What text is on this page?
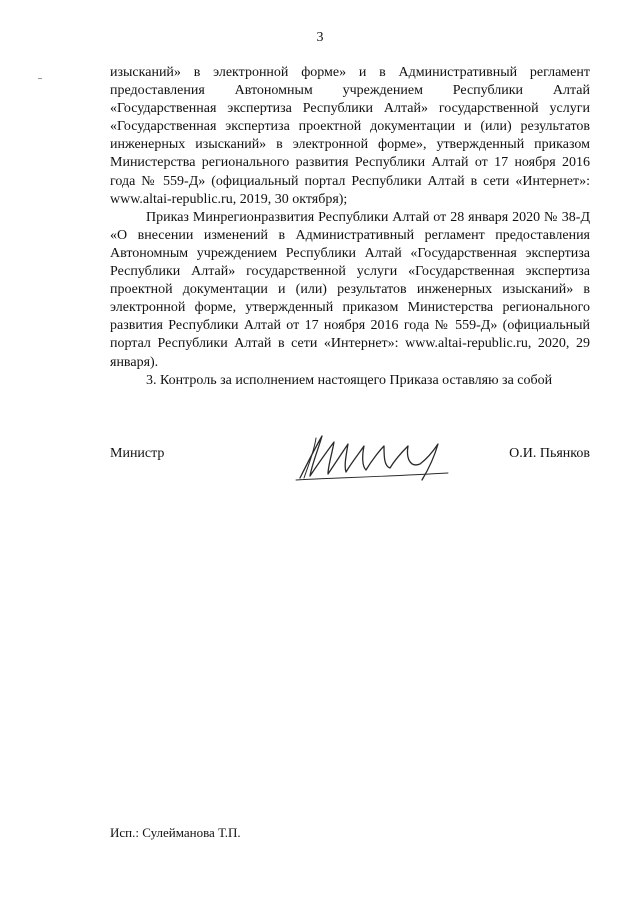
3

изысканий» в электронной форме» и в Административный регламент предоставления Автономным учреждением Республики Алтай «Государственная экспертиза Республики Алтай» государственной услуги «Государственная экспертиза проектной документации и (или) результатов инженерных изысканий» в электронной форме», утвержденный приказом Министерства регионального развития Республики Алтай от 17 ноября 2016 года № 559-Д» (официальный портал Республики Алтай в сети «Интернет»: www.altai-republic.ru, 2019, 30 октября);

Приказ Минрегионразвития Республики Алтай от 28 января 2020 № 38-Д «О внесении изменений в Административный регламент предоставления Автономным учреждением Республики Алтай «Государственная экспертиза Республики Алтай» государственной услуги «Государственная экспертиза проектной документации и (или) результатов инженерных изысканий» в электронной форме, утвержденный приказом Министерства регионального развития Республики Алтай от 17 ноября 2016 года № 559-Д» (официальный портал Республики Алтай в сети «Интернет»: www.altai-republic.ru, 2020, 29 января).

3. Контроль за исполнением настоящего Приказа оставляю за собой

Министр	О.И. Пьянков
Исп.: Сулейманова Т.П.
